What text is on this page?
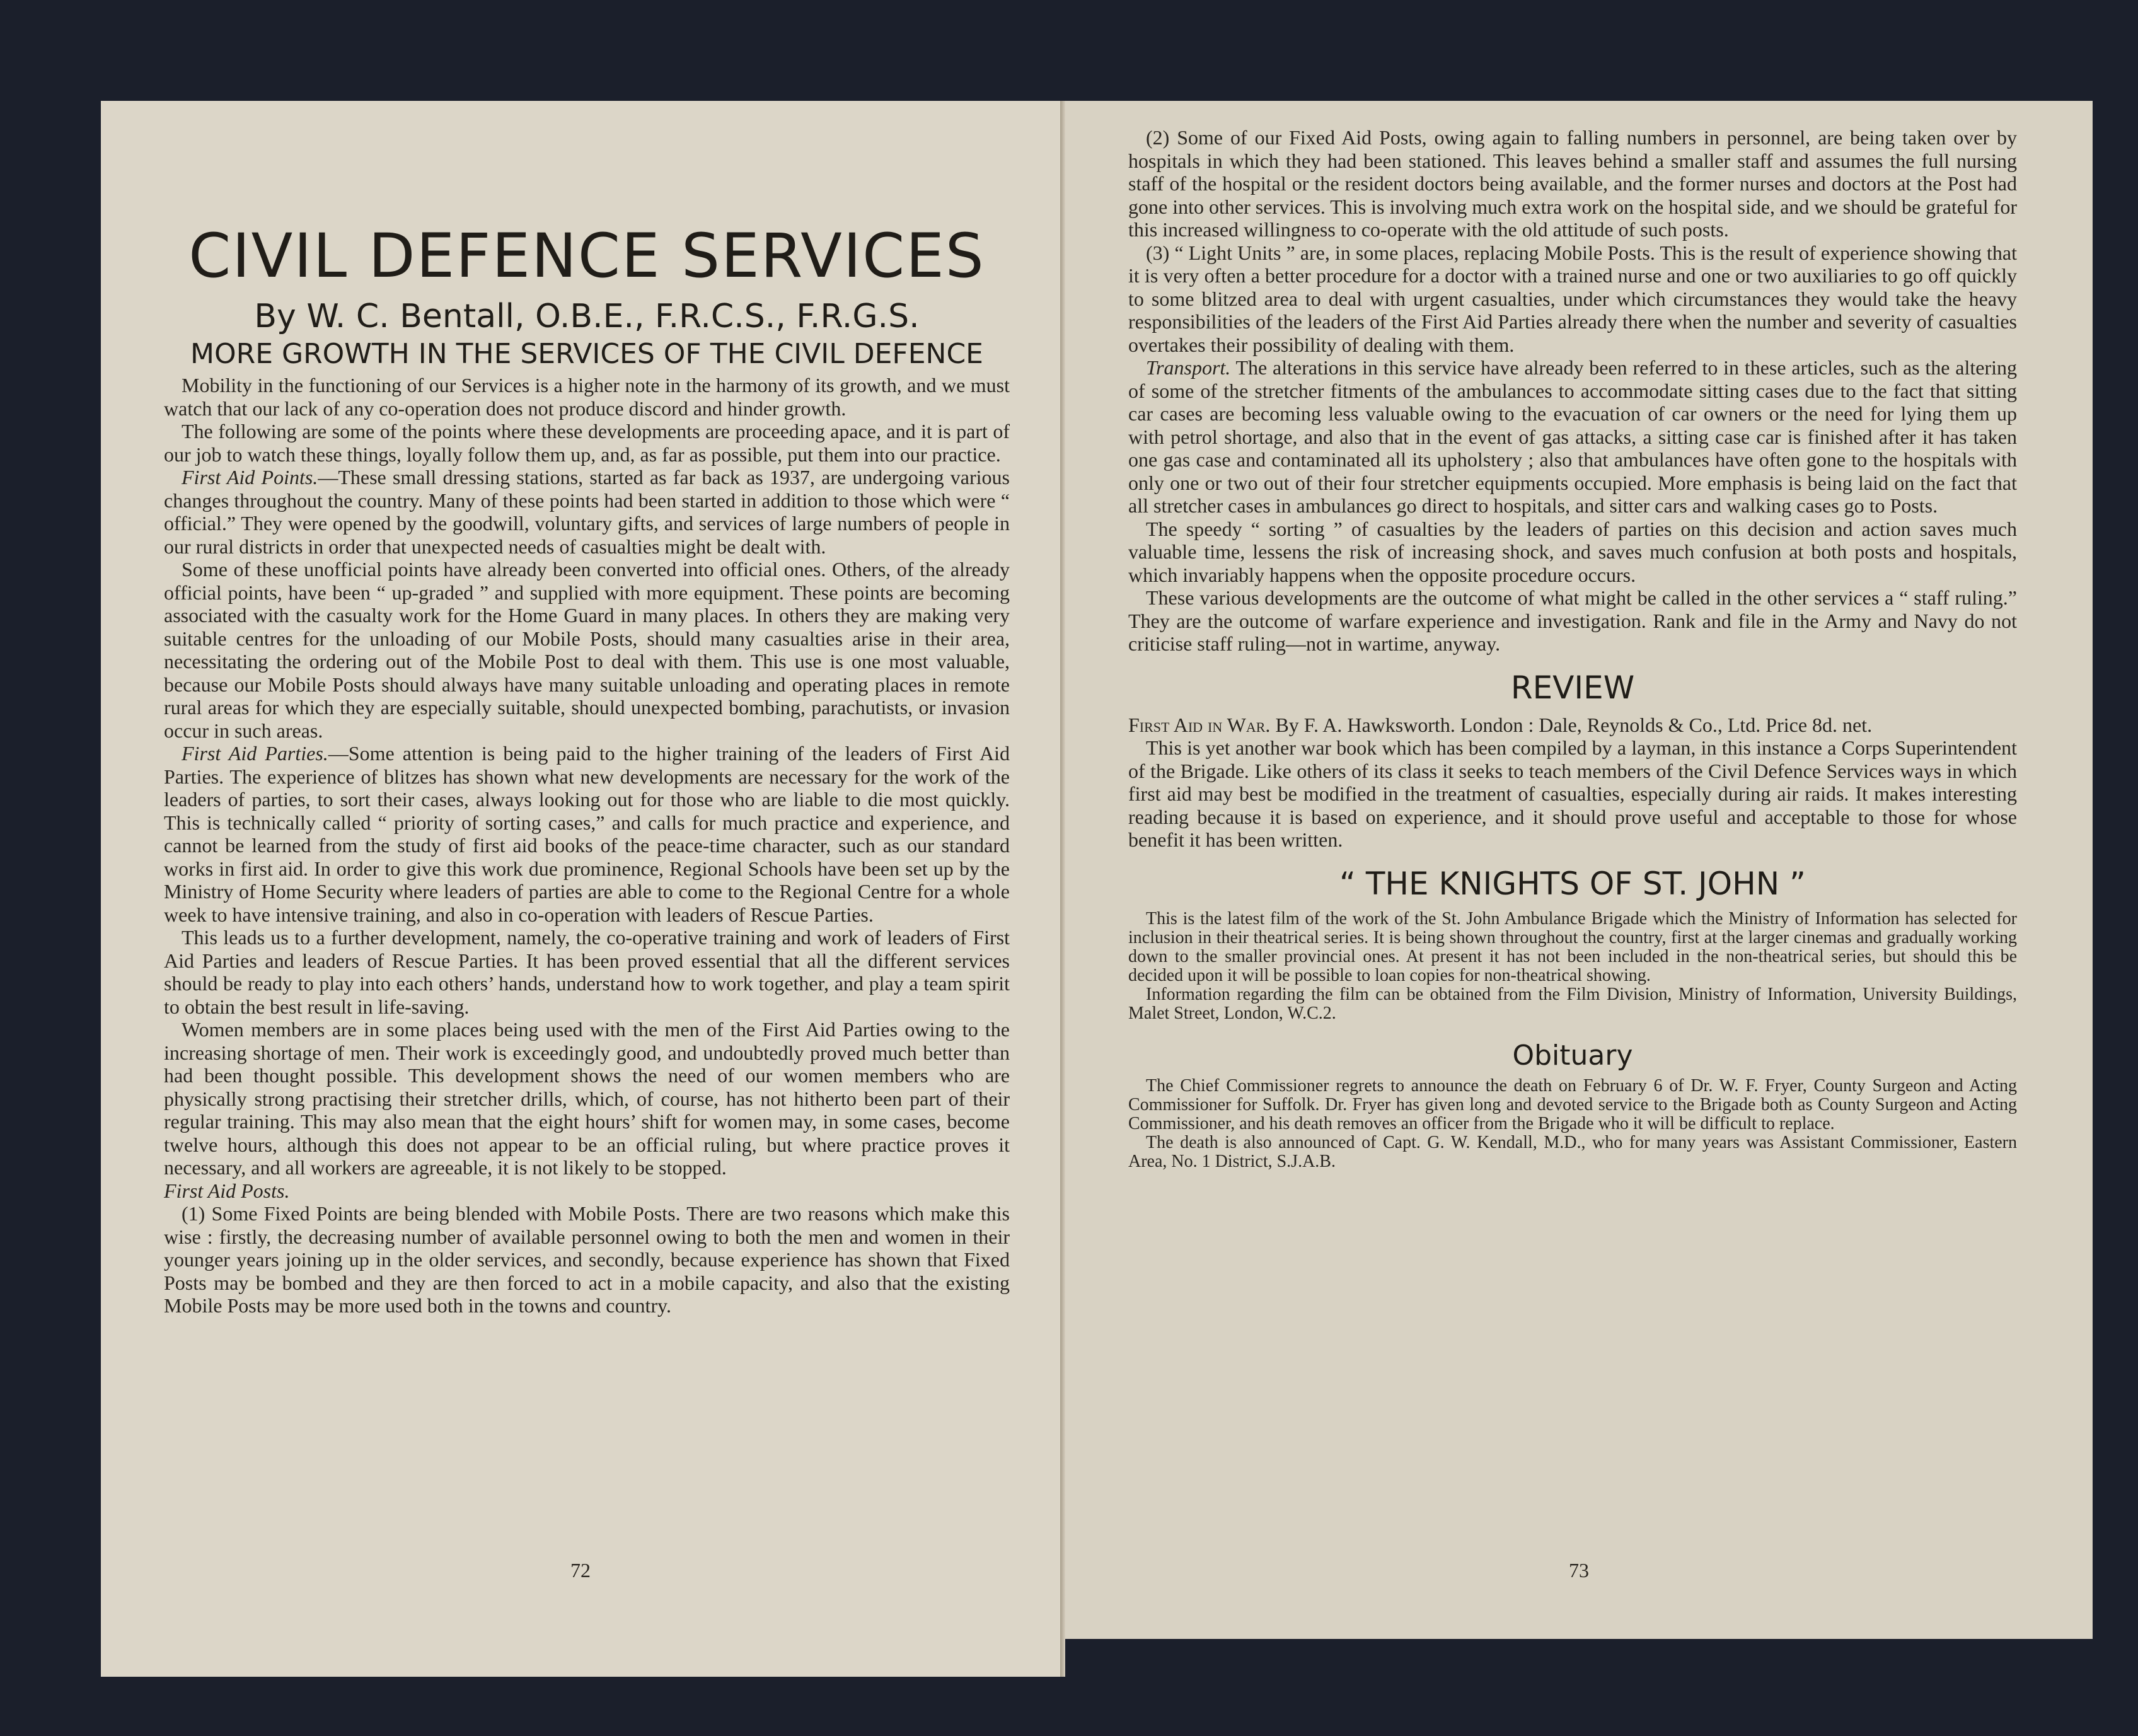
CIVIL DEFENCE SERVICES
By W. C. Bentall, O.B.E., F.R.C.S., F.R.G.S.
MORE GROWTH IN THE SERVICES OF THE CIVIL DEFENCE

Mobility in the functioning of our Services is a higher note in the harmony of its growth, and we must watch that our lack of any co-operation does not produce discord and hinder growth.

The following are some of the points where these developments are proceeding apace, and it is part of our job to watch these things, loyally follow them up, and, as far as possible, put them into our practice.

First Aid Points.—These small dressing stations, started as far back as 1937, are undergoing various changes throughout the country. Many of these points had been started in addition to those which were “ official.” They were opened by the goodwill, voluntary gifts, and services of large numbers of people in our rural districts in order that unexpected needs of casualties might be dealt with.

Some of these unofficial points have already been converted into official ones. Others, of the already official points, have been “ up-graded ” and supplied with more equipment. These points are becoming associated with the casualty work for the Home Guard in many places. In others they are making very suitable centres for the unloading of our Mobile Posts, should many casualties arise in their area, necessitating the ordering out of the Mobile Post to deal with them. This use is one most valuable, because our Mobile Posts should always have many suitable unloading and operating places in remote rural areas for which they are especially suitable, should unexpected bombing, parachutists, or invasion occur in such areas.

First Aid Parties.—Some attention is being paid to the higher training of the leaders of First Aid Parties. The experience of blitzes has shown what new developments are necessary for the work of the leaders of parties, to sort their cases, always looking out for those who are liable to die most quickly. This is technically called “ priority of sorting cases,” and calls for much practice and experience, and cannot be learned from the study of first aid books of the peace-time character, such as our standard works in first aid. In order to give this work due prominence, Regional Schools have been set up by the Ministry of Home Security where leaders of parties are able to come to the Regional Centre for a whole week to have intensive training, and also in co-operation with leaders of Rescue Parties.

This leads us to a further development, namely, the co-operative training and work of leaders of First Aid Parties and leaders of Rescue Parties. It has been proved essential that all the different services should be ready to play into each others’ hands, understand how to work together, and play a team spirit to obtain the best result in life-saving.

Women members are in some places being used with the men of the First Aid Parties owing to the increasing shortage of men. Their work is exceedingly good, and undoubtedly proved much better than had been thought possible. This development shows the need of our women members who are physically strong practising their stretcher drills, which, of course, has not hitherto been part of their regular training. This may also mean that the eight hours’ shift for women may, in some cases, become twelve hours, although this does not appear to be an official ruling, but where practice proves it necessary, and all workers are agreeable, it is not likely to be stopped.

First Aid Posts.

(1) Some Fixed Points are being blended with Mobile Posts. There are two reasons which make this wise : firstly, the decreasing number of available personnel owing to both the men and women in their younger years joining up in the older services, and secondly, because experience has shown that Fixed Posts may be bombed and they are then forced to act in a mobile capacity, and also that the existing Mobile Posts may be more used both in the towns and country.

72

(2) Some of our Fixed Aid Posts, owing again to falling numbers in personnel, are being taken over by hospitals in which they had been stationed. This leaves behind a smaller staff and assumes the full nursing staff of the hospital or the resident doctors being available, and the former nurses and doctors at the Post had gone into other services. This is involving much extra work on the hospital side, and we should be grateful for this increased willingness to co-operate with the old attitude of such posts.

(3) “ Light Units ” are, in some places, replacing Mobile Posts. This is the result of experience showing that it is very often a better procedure for a doctor with a trained nurse and one or two auxiliaries to go off quickly to some blitzed area to deal with urgent casualties, under which circumstances they would take the heavy responsibilities of the leaders of the First Aid Parties already there when the number and severity of casualties overtakes their possibility of dealing with them.

Transport. The alterations in this service have already been referred to in these articles, such as the altering of some of the stretcher fitments of the ambulances to accommodate sitting cases due to the fact that sitting car cases are becoming less valuable owing to the evacuation of car owners or the need for lying them up with petrol shortage, and also that in the event of gas attacks, a sitting case car is finished after it has taken one gas case and contaminated all its upholstery ; also that ambulances have often gone to the hospitals with only one or two out of their four stretcher equipments occupied. More emphasis is being laid on the fact that all stretcher cases in ambulances go direct to hospitals, and sitter cars and walking cases go to Posts.

The speedy “ sorting ” of casualties by the leaders of parties on this decision and action saves much valuable time, lessens the risk of increasing shock, and saves much confusion at both posts and hospitals, which invariably happens when the opposite procedure occurs.

These various developments are the outcome of what might be called in the other services a “ staff ruling.” They are the outcome of warfare experience and investigation. Rank and file in the Army and Navy do not criticise staff ruling—not in wartime, anyway.

REVIEW

First Aid in War. By F. A. Hawksworth. London : Dale, Reynolds & Co., Ltd. Price 8d. net.

This is yet another war book which has been compiled by a layman, in this instance a Corps Superintendent of the Brigade. Like others of its class it seeks to teach members of the Civil Defence Services ways in which first aid may best be modified in the treatment of casualties, especially during air raids. It makes interesting reading because it is based on experience, and it should prove useful and acceptable to those for whose benefit it has been written.

“ THE KNIGHTS OF ST. JOHN ”

This is the latest film of the work of the St. John Ambulance Brigade which the Ministry of Information has selected for inclusion in their theatrical series. It is being shown throughout the country, first at the larger cinemas and gradually working down to the smaller provincial ones. At present it has not been included in the non-theatrical series, but should this be decided upon it will be possible to loan copies for non-theatrical showing.

Information regarding the film can be obtained from the Film Division, Ministry of Information, University Buildings, Malet Street, London, W.C.2.

Obituary

The Chief Commissioner regrets to announce the death on February 6 of Dr. W. F. Fryer, County Surgeon and Acting Commissioner for Suffolk. Dr. Fryer has given long and devoted service to the Brigade both as County Surgeon and Acting Commissioner, and his death removes an officer from the Brigade who it will be difficult to replace.

The death is also announced of Capt. G. W. Kendall, M.D., who for many years was Assistant Commissioner, Eastern Area, No. 1 District, S.J.A.B.

73
